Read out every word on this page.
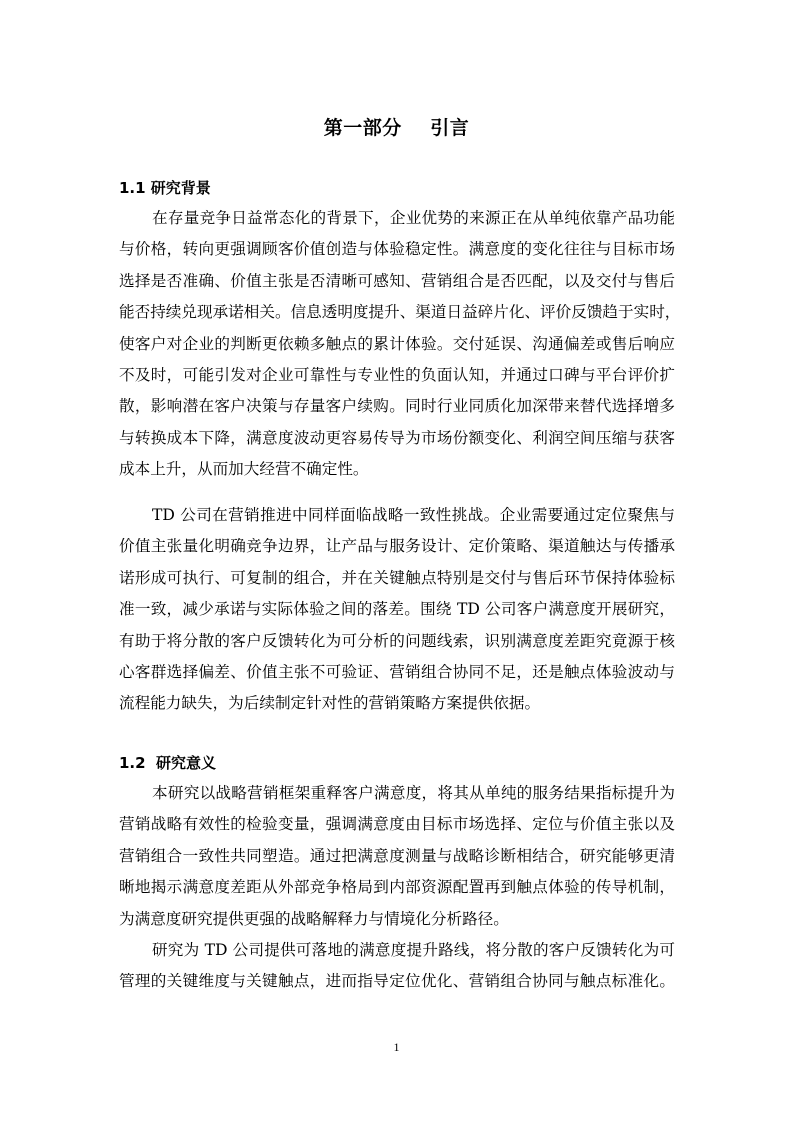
第一部分    引言
1.1 研究背景
在存量竞争日益常态化的背景下，企业优势的来源正在从单纯依靠产品功能
与价格，转向更强调顾客价值创造与体验稳定性。满意度的变化往往与目标市场
选择是否准确、价值主张是否清晰可感知、营销组合是否匹配，以及交付与售后
能否持续兑现承诺相关。信息透明度提升、渠道日益碎片化、评价反馈趋于实时，
使客户对企业的判断更依赖多触点的累计体验。交付延误、沟通偏差或售后响应
不及时，可能引发对企业可靠性与专业性的负面认知，并通过口碑与平台评价扩
散，影响潜在客户决策与存量客户续购。同时行业同质化加深带来替代选择增多
与转换成本下降，满意度波动更容易传导为市场份额变化、利润空间压缩与获客
成本上升，从而加大经营不确定性。
TD 公司在营销推进中同样面临战略一致性挑战。企业需要通过定位聚焦与
价值主张量化明确竞争边界，让产品与服务设计、定价策略、渠道触达与传播承
诺形成可执行、可复制的组合，并在关键触点特别是交付与售后环节保持体验标
准一致，减少承诺与实际体验之间的落差。围绕 TD 公司客户满意度开展研究，
有助于将分散的客户反馈转化为可分析的问题线索，识别满意度差距究竟源于核
心客群选择偏差、价值主张不可验证、营销组合协同不足，还是触点体验波动与
流程能力缺失，为后续制定针对性的营销策略方案提供依据。
1.2  研究意义
本研究以战略营销框架重释客户满意度，将其从单纯的服务结果指标提升为
营销战略有效性的检验变量，强调满意度由目标市场选择、定位与价值主张以及
营销组合一致性共同塑造。通过把满意度测量与战略诊断相结合，研究能够更清
晰地揭示满意度差距从外部竞争格局到内部资源配置再到触点体验的传导机制，
为满意度研究提供更强的战略解释力与情境化分析路径。
研究为 TD 公司提供可落地的满意度提升路线，将分散的客户反馈转化为可
管理的关键维度与关键触点，进而指导定位优化、营销组合协同与触点标准化。
1
